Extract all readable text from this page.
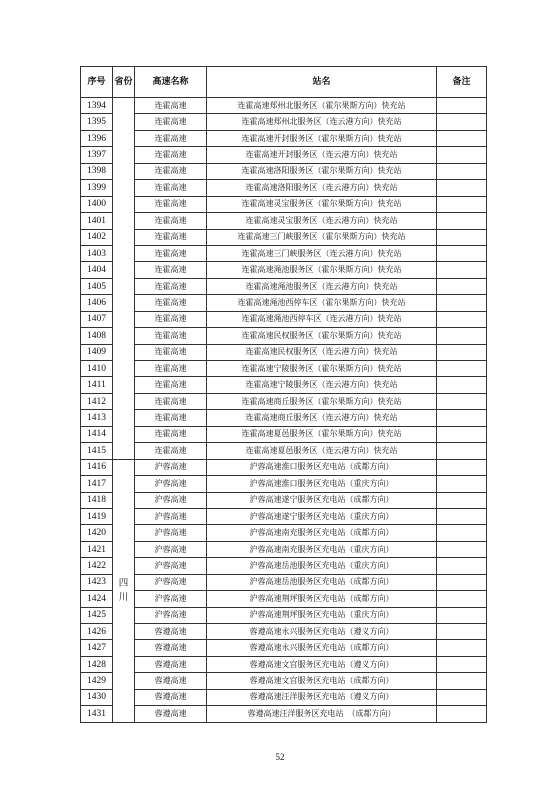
序号	省份	高速名称	站名	备注
1394		连霍高速	连霍高速郑州北服务区（霍尔果斯方向）快充站	
1395		连霍高速	连霍高速郑州北服务区（连云港方向）快充站	
1396		连霍高速	连霍高速开封服务区（霍尔果斯方向）快充站	
1397		连霍高速	连霍高速开封服务区（连云港方向）快充站	
1398		连霍高速	连霍高速洛阳服务区（霍尔果斯方向）快充站	
1399		连霍高速	连霍高速洛阳服务区（连云港方向）快充站	
1400		连霍高速	连霍高速灵宝服务区（霍尔果斯方向）快充站	
1401		连霍高速	连霍高速灵宝服务区（连云港方向）快充站	
1402		连霍高速	连霍高速三门峡服务区（霍尔果斯方向）快充站	
1403		连霍高速	连霍高速三门峡服务区（连云港方向）快充站	
1404		连霍高速	连霍高速渑池服务区（霍尔果斯方向）快充站	
1405		连霍高速	连霍高速渑池服务区（连云港方向）快充站	
1406		连霍高速	连霍高速渑池西停车区（霍尔果斯方向）快充站	
1407		连霍高速	连霍高速渑池西停车区（连云港方向）快充站	
1408		连霍高速	连霍高速民权服务区（霍尔果斯方向）快充站	
1409		连霍高速	连霍高速民权服务区（连云港方向）快充站	
1410		连霍高速	连霍高速宁陵服务区（霍尔果斯方向）快充站	
1411		连霍高速	连霍高速宁陵服务区（连云港方向）快充站	
1412		连霍高速	连霍高速商丘服务区（霍尔果斯方向）快充站	
1413		连霍高速	连霍高速商丘服务区（连云港方向）快充站	
1414		连霍高速	连霍高速夏邑服务区（霍尔果斯方向）快充站	
1415		连霍高速	连霍高速夏邑服务区（连云港方向）快充站	
1416	四川	沪蓉高速	沪蓉高速淮口服务区充电站（成都方向）	
1417		沪蓉高速	沪蓉高速淮口服务区充电站（重庆方向）	
1418		沪蓉高速	沪蓉高速遂宁服务区充电站（成都方向）	
1419		沪蓉高速	沪蓉高速遂宁服务区充电站（重庆方向）	
1420		沪蓉高速	沪蓉高速南充服务区充电站（成都方向）	
1421		沪蓉高速	沪蓉高速南充服务区充电站（重庆方向）	
1422		沪蓉高速	沪蓉高速岳池服务区充电站（重庆方向）	
1423		沪蓉高速	沪蓉高速岳池服务区充电站（成都方向）	
1424		沪蓉高速	沪蓉高速荆坪服务区充电站（成都方向）	
1425		沪蓉高速	沪蓉高速荆坪服务区充电站（重庆方向）	
1426		蓉遵高速	蓉遵高速永兴服务区充电站（遵义方向）	
1427		蓉遵高速	蓉遵高速永兴服务区充电站（成都方向）	
1428		蓉遵高速	蓉遵高速文宫服务区充电站（遵义方向）	
1429		蓉遵高速	蓉遵高速文宫服务区充电站（成都方向）	
1430		蓉遵高速	蓉遵高速汪洋服务区充电站（遵义方向）	
1431		蓉遵高速	蓉遵高速汪洋服务区充电站　（成都方向）	
52
